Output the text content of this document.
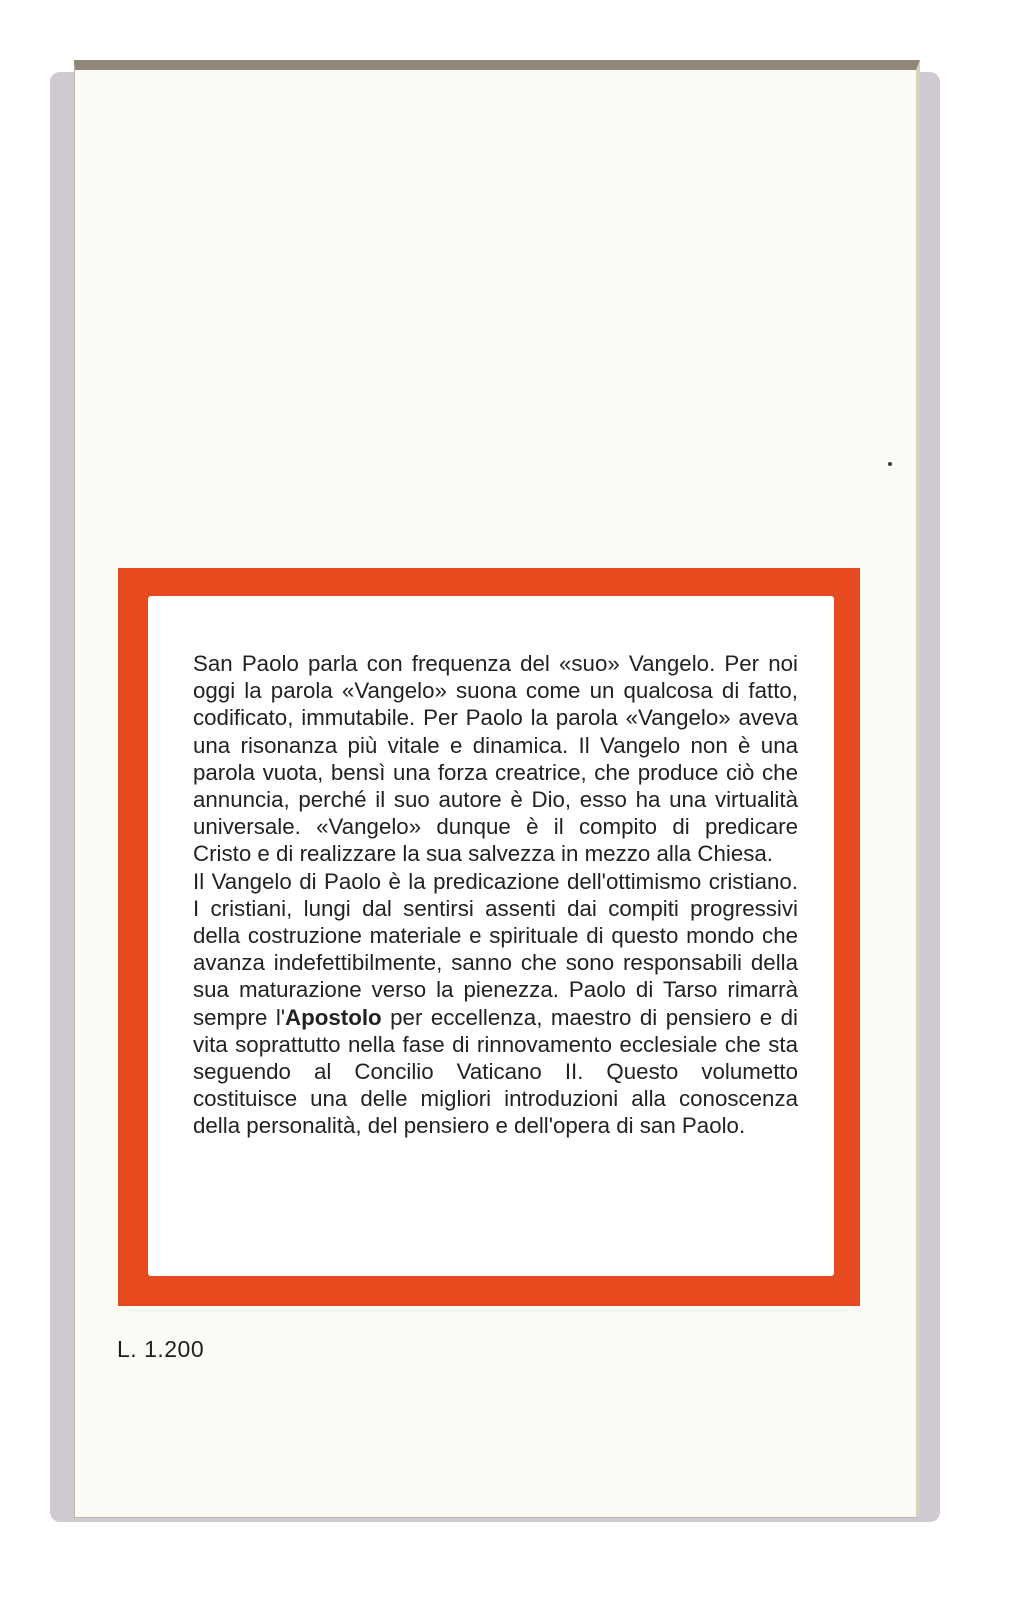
San Paolo parla con frequenza del «suo» Vangelo. Per noi oggi la parola «Vangelo» suona come un qualcosa di fatto, codificato, immutabile. Per Paolo la parola «Vangelo» aveva una risonanza più vitale e dinamica. Il Vangelo non è una parola vuota, bensì una forza creatrice, che produce ciò che annuncia, perché il suo autore è Dio, esso ha una virtualità universale. «Vangelo» dunque è il compito di predicare Cristo e di realizzare la sua salvezza in mezzo alla Chiesa.

Il Vangelo di Paolo è la predicazione dell'ottimismo cristiano. I cristiani, lungi dal sentirsi assenti dai compiti progressivi della costruzione materiale e spirituale di questo mondo che avanza indefettibilmente, sanno che sono responsabili della sua maturazione verso la pienezza. Paolo di Tarso rimarrà sempre l'Apostolo per eccellenza, maestro di pensiero e di vita soprattutto nella fase di rinnovamento ecclesiale che sta seguendo al Concilio Vaticano II. Questo volumetto costituisce una delle migliori introduzioni alla conoscenza della personalità, del pensiero e dell'opera di san Paolo.

L. 1.200
